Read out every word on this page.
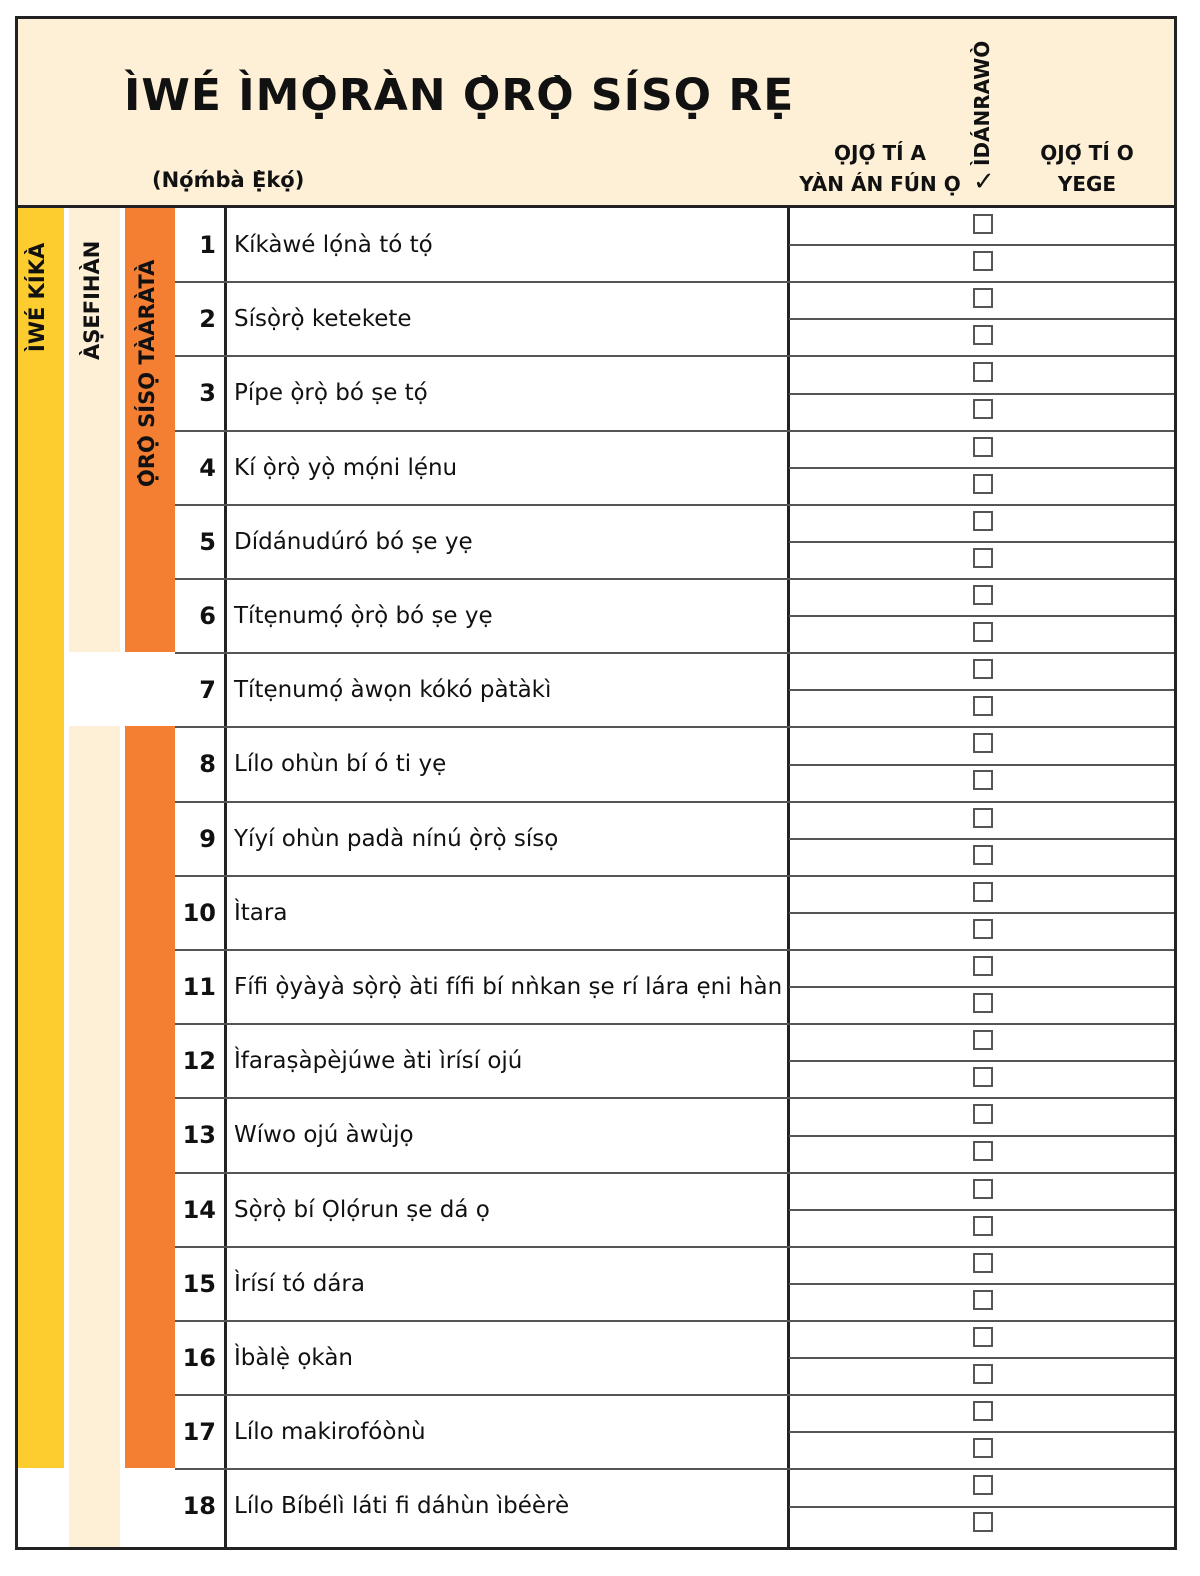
ÌWÉ ÌMỌ̀RÀN Ọ̀RỌ̀ SÍSỌ RẸ
(Nọ́ḿbà Ẹ̀kọ́)
ỌJỌ́ TÍ A
YÀN ÁN FÚN Ọ
ÌDÁNRAWÒ
✓
ỌJỌ́ TÍ O
YEGE
ÌWÉ KÍKÀ ÀṢEFIHÀN Ọ̀RỌ̀ SÍSỌ TÀÀRÀTÀ
1 Kíkàwé lọ́nà tó tọ́
2 Sísọ̀rọ̀ ketekete
3 Pípe ọ̀rọ̀ bó ṣe tọ́
4 Kí ọ̀rọ̀ yọ̀ mọ́ni lẹ́nu
5 Dídánudúró bó ṣe yẹ
6 Títẹnumọ́ ọ̀rọ̀ bó ṣe yẹ
7 Títẹnumọ́ àwọn kókó pàtàkì
8 Lílo ohùn bí ó ti yẹ
9 Yíyí ohùn padà nínú ọ̀rọ̀ sísọ
10 Ìtara
11 Fífi ọ̀yàyà sọ̀rọ̀ àti fífi bí nǹkan ṣe rí lára ẹni hàn
12 Ìfaraṣàpèjúwe àti ìrísí ojú
13 Wíwo ojú àwùjọ
14 Sọ̀rọ̀ bí Ọlọ́run ṣe dá ọ
15 Ìrísí tó dára
16 Ìbàlẹ̀ ọkàn
17 Lílo makirofóònù
18 Lílo Bíbélì láti fi dáhùn ìbéèrè
